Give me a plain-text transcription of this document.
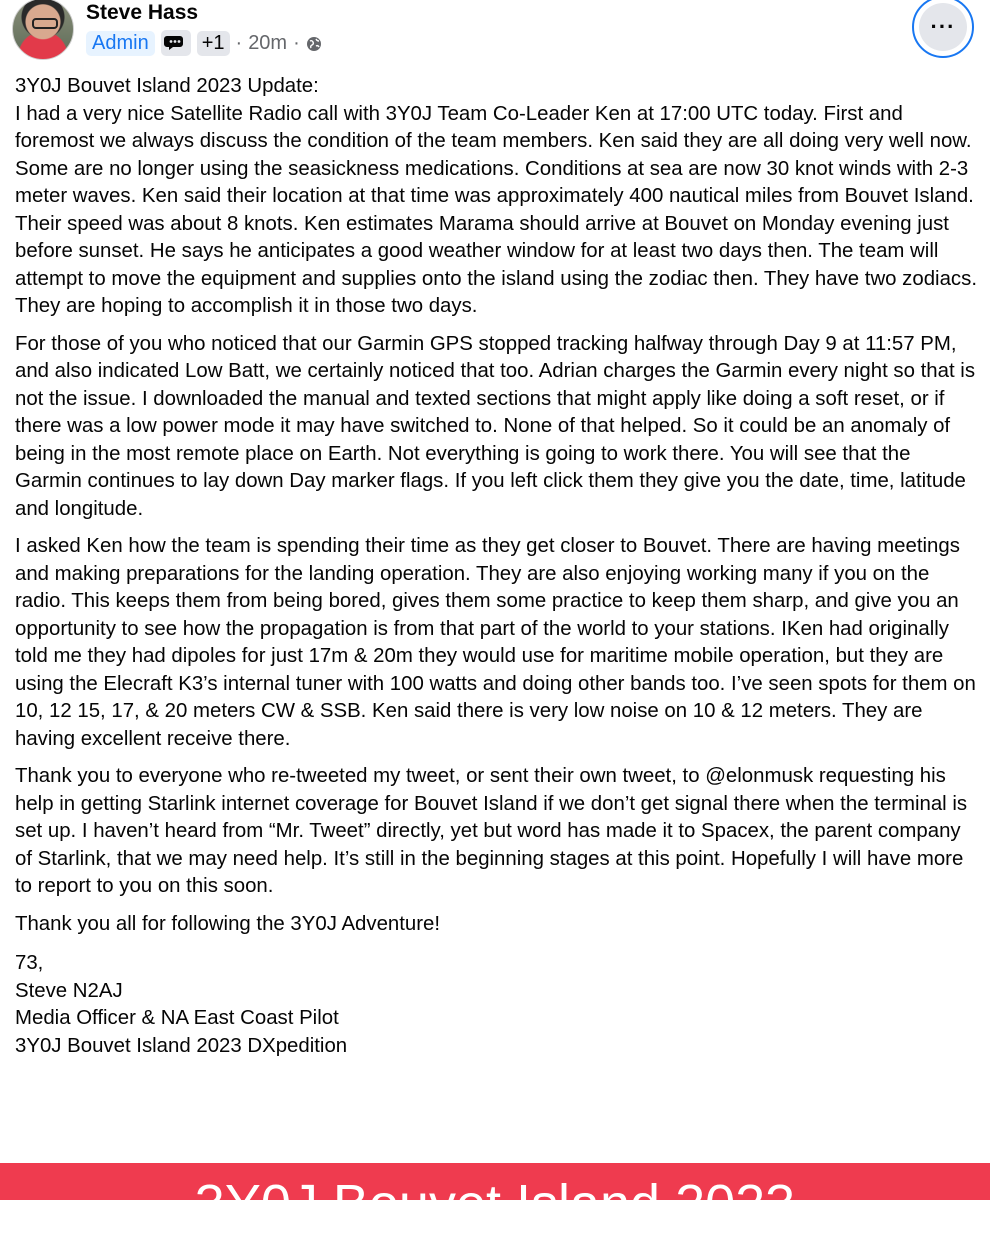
Steve Hass
Admin	+1 · 20m ·
···

3Y0J Bouvet Island 2023 Update:
I had a very nice Satellite Radio call with 3Y0J Team Co-Leader Ken at 17:00 UTC today. First and foremost we always discuss the condition of the team members. Ken said they are all doing very well now. Some are no longer using the seasickness medications. Conditions at sea are now 30 knot winds with 2-3 meter waves. Ken said their location at that time was approximately 400 nautical miles from Bouvet Island. Their speed was about 8 knots. Ken estimates Marama should arrive at Bouvet on Monday evening just before sunset. He says he anticipates a good weather window for at least two days then. The team will attempt to move the equipment and supplies onto the island using the zodiac then. They have two zodiacs. They are hoping to accomplish it in those two days.

For those of you who noticed that our Garmin GPS stopped tracking halfway through Day 9 at 11:57 PM, and also indicated Low Batt, we certainly noticed that too. Adrian charges the Garmin every night so that is not the issue. I downloaded the manual and texted sections that might apply like doing a soft reset, or if there was a low power mode it may have switched to. None of that helped. So it could be an anomaly of being in the most remote place on Earth. Not everything is going to work there. You will see that the Garmin continues to lay down Day marker flags. If you left click them they give you the date, time, latitude and longitude.

I asked Ken how the team is spending their time as they get closer to Bouvet. There are having meetings and making preparations for the landing operation. They are also enjoying working many if you on the radio. This keeps them from being bored, gives them some practice to keep them sharp, and give you an opportunity to see how the propagation is from that part of the world to your stations. IKen had originally told me they had dipoles for just 17m & 20m they would use for maritime mobile operation, but they are using the Elecraft K3’s internal tuner with 100 watts and doing other bands too. I’ve seen spots for them on 10, 12 15, 17, & 20 meters CW & SSB. Ken said there is very low noise on 10 & 12 meters. They are having excellent receive there.

Thank you to everyone who re-tweeted my tweet, or sent their own tweet, to @elonmusk requesting his help in getting Starlink internet coverage for Bouvet Island if we don’t get signal there when the terminal is set up. I haven’t heard from “Mr. Tweet” directly, yet but word has made it to Spacex, the parent company of Starlink, that we may need help. It’s still in the beginning stages at this point. Hopefully I will have more to report to you on this soon.

Thank you all for following the 3Y0J Adventure!

73,
Steve N2AJ
Media Officer & NA East Coast Pilot
3Y0J Bouvet Island 2023 DXpedition
3Y0J Bouvet Island 2023
